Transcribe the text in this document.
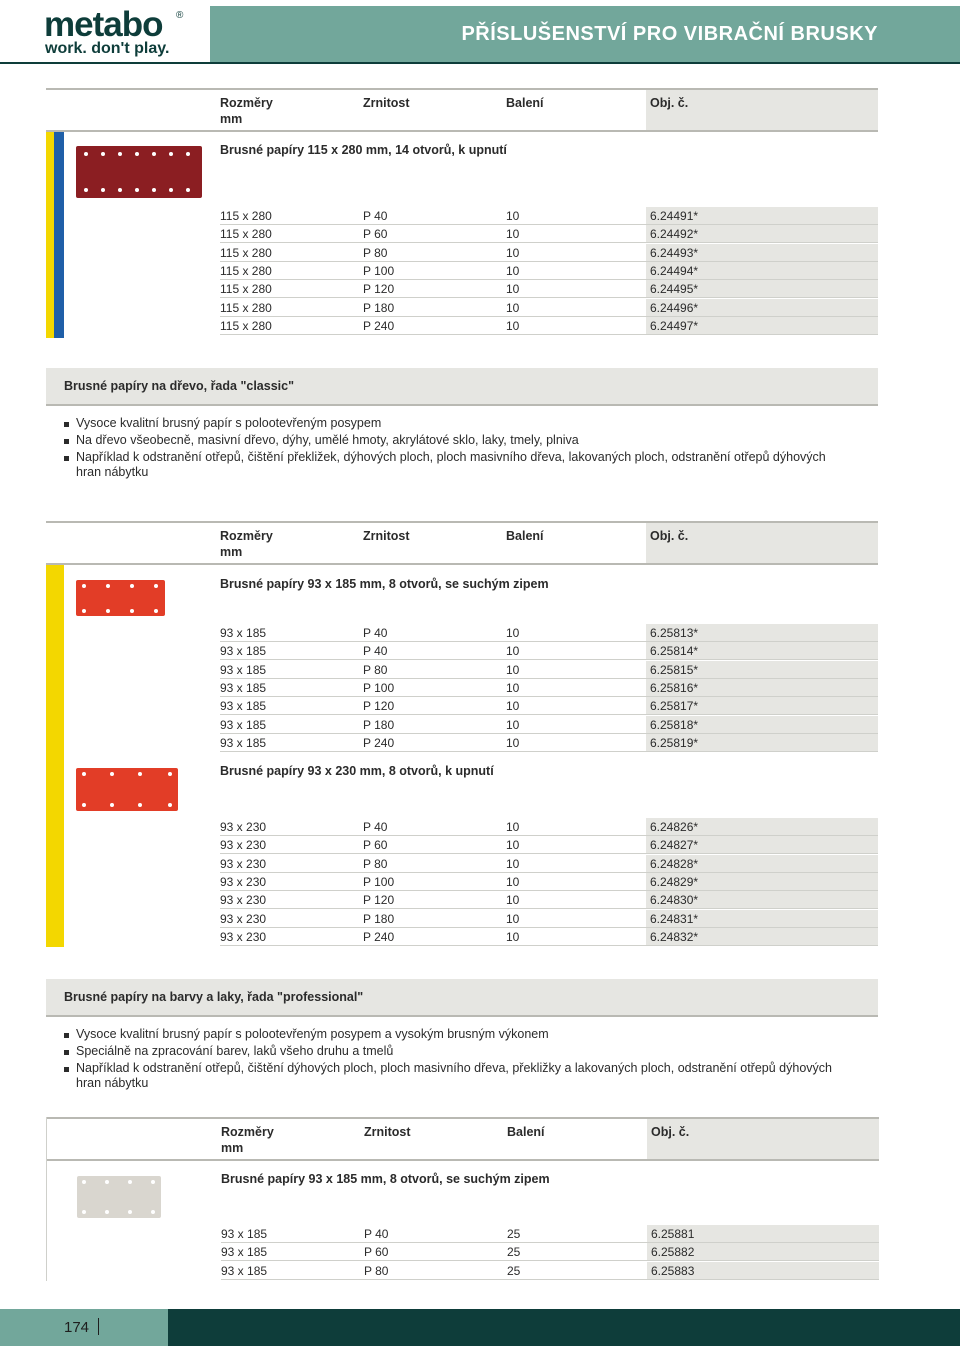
metabo ®
work. don't play.
PŘÍSLUŠENSTVÍ PRO VIBRAČNÍ BRUSKY
Rozměry
mm
Zrnitost	Balení	Obj. č.
Brusné papíry 115 x 280 mm, 14 otvorů, k upnutí
115 x 280	P 40	10	6.24491*
115 x 280	P 60	10	6.24492*
115 x 280	P 80	10	6.24493*
115 x 280	P 100	10	6.24494*
115 x 280	P 120	10	6.24495*
115 x 280	P 180	10	6.24496*
115 x 280	P 240	10	6.24497*
Brusné papíry na dřevo, řada "classic"
Vysoce kvalitní brusný papír s polootevřeným posypem
Na dřevo všeobecně, masivní dřevo, dýhy, umělé hmoty, akrylátové sklo, laky, tmely, plniva
Například k odstranění otřepů, čištění překližek, dýhových ploch, ploch masivního dřeva, lakovaných ploch, odstranění otřepů dýhových hran nábytku
Rozměry
mm
Zrnitost	Balení	Obj. č.
Brusné papíry 93 x 185 mm, 8 otvorů, se suchým zipem
93 x 185	P 40	10	6.25813*
93 x 185	P 40	10	6.25814*
93 x 185	P 80	10	6.25815*
93 x 185	P 100	10	6.25816*
93 x 185	P 120	10	6.25817*
93 x 185	P 180	10	6.25818*
93 x 185	P 240	10	6.25819*
Brusné papíry 93 x 230 mm, 8 otvorů, k upnutí
93 x 230	P 40	10	6.24826*
93 x 230	P 60	10	6.24827*
93 x 230	P 80	10	6.24828*
93 x 230	P 100	10	6.24829*
93 x 230	P 120	10	6.24830*
93 x 230	P 180	10	6.24831*
93 x 230	P 240	10	6.24832*
Brusné papíry na barvy a laky, řada "professional"
Vysoce kvalitní brusný papír s polootevřeným posypem a vysokým brusným výkonem
Speciálně na zpracování barev, laků všeho druhu a tmelů
Například k odstranění otřepů, čištění dýhových ploch, ploch masivního dřeva, překližky a lakovaných ploch, odstranění otřepů dýhových hran nábytku
Rozměry
mm
Zrnitost	Balení	Obj. č.
Brusné papíry 93 x 185 mm, 8 otvorů, se suchým zipem
93 x 185	P 40	25	6.25881
93 x 185	P 60	25	6.25882
93 x 185	P 80	25	6.25883
174
